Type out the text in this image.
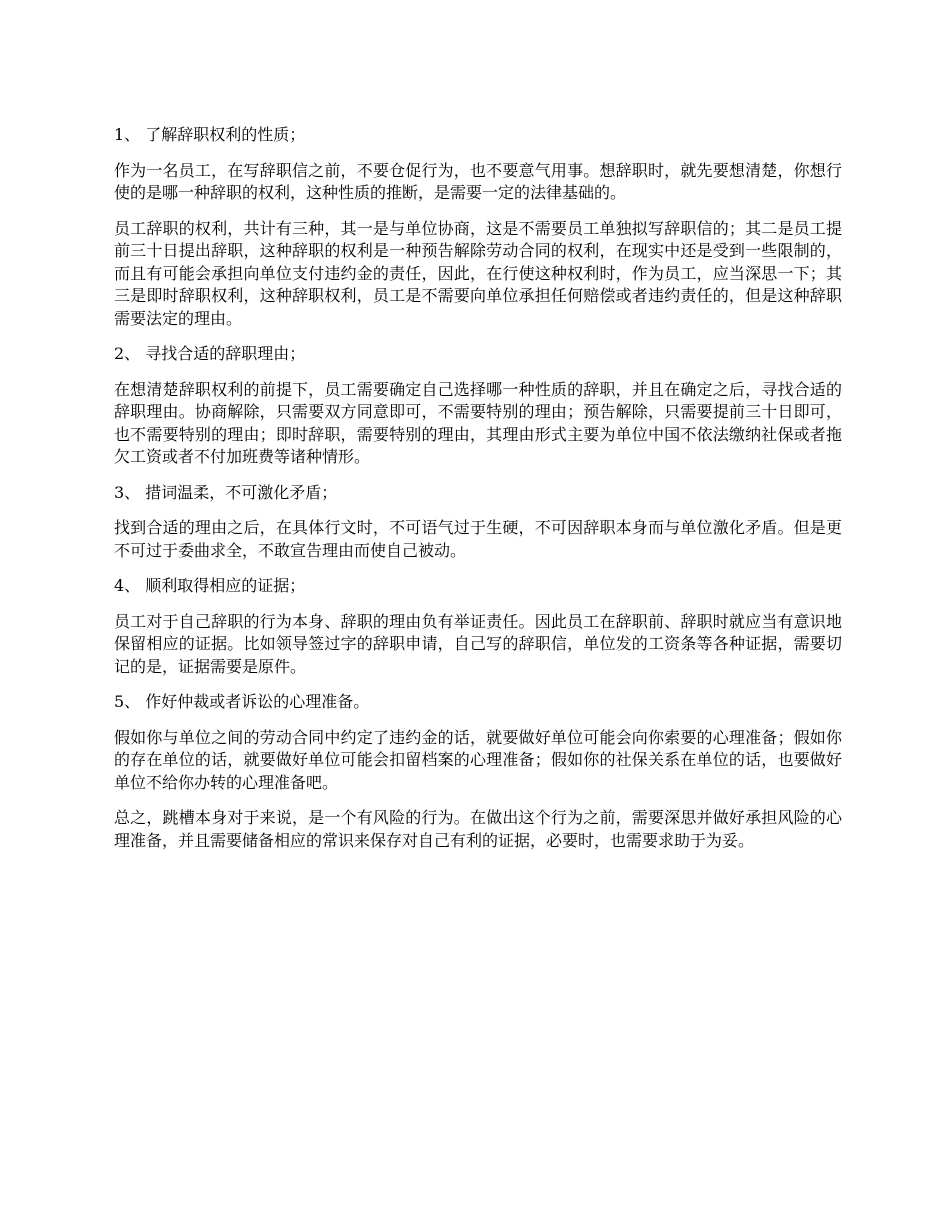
1、 了解辞职权利的性质；

作为一名员工，在写辞职信之前，不要仓促行为，也不要意气用事。想辞职时，就先要想清楚，你想行使的是哪一种辞职的权利，这种性质的推断，是需要一定的法律基础的。

员工辞职的权利，共计有三种，其一是与单位协商，这是不需要员工单独拟写辞职信的；其二是员工提前三十日提出辞职，这种辞职的权利是一种预告解除劳动合同的权利，在现实中还是受到一些限制的，而且有可能会承担向单位支付违约金的责任，因此，在行使这种权利时，作为员工，应当深思一下；其三是即时辞职权利，这种辞职权利，员工是不需要向单位承担任何赔偿或者违约责任的，但是这种辞职需要法定的理由。

2、 寻找合适的辞职理由；

在想清楚辞职权利的前提下，员工需要确定自己选择哪一种性质的辞职，并且在确定之后，寻找合适的辞职理由。协商解除，只需要双方同意即可，不需要特别的理由；预告解除，只需要提前三十日即可，也不需要特别的理由；即时辞职，需要特别的理由，其理由形式主要为单位中国不依法缴纳社保或者拖欠工资或者不付加班费等诸种情形。

3、 措词温柔，不可激化矛盾；

找到合适的理由之后，在具体行文时，不可语气过于生硬，不可因辞职本身而与单位激化矛盾。但是更不可过于委曲求全，不敢宣告理由而使自己被动。

4、 顺利取得相应的证据；

员工对于自己辞职的行为本身、辞职的理由负有举证责任。因此员工在辞职前、辞职时就应当有意识地保留相应的证据。比如领导签过字的辞职申请，自己写的辞职信，单位发的工资条等各种证据，需要切记的是，证据需要是原件。

5、 作好仲裁或者诉讼的心理准备。

假如你与单位之间的劳动合同中约定了违约金的话，就要做好单位可能会向你索要的心理准备；假如你的存在单位的话，就要做好单位可能会扣留档案的心理准备；假如你的社保关系在单位的话，也要做好单位不给你办转的心理准备吧。

总之，跳槽本身对于来说，是一个有风险的行为。在做出这个行为之前，需要深思并做好承担风险的心理准备，并且需要储备相应的常识来保存对自己有利的证据，必要时，也需要求助于为妥。
